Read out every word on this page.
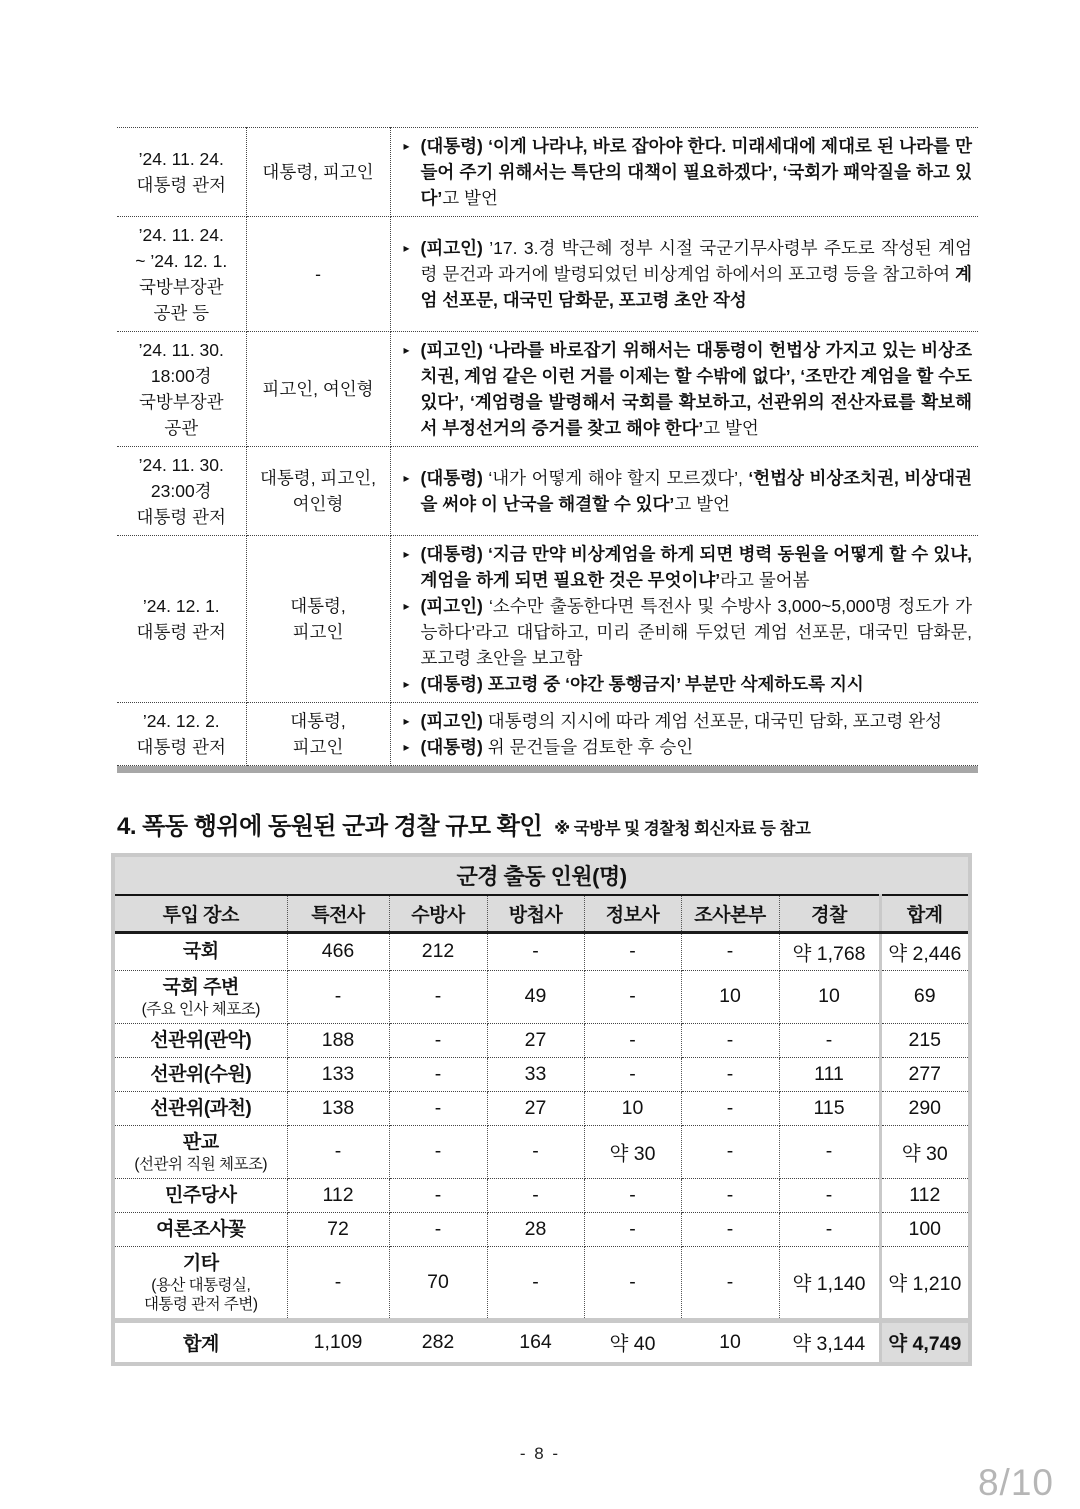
’24. 11. 24.
대통령 관저	대통령, 피고인	▸ (대통령) ‘이게 나라냐, 바로 잡아야 한다. 미래세대에 제대로 된 나라를 만들어 주기 위해서는 특단의 대책이 필요하겠다’, ‘국회가 패악질을 하고 있다’고 발언

’24. 11. 24.
~ ’24. 12. 1.
국방부장관
공관 등	-	▸ (피고인) ’17. 3.경 박근혜 정부 시절 국군기무사령부 주도로 작성된 계엄령 문건과 과거에 발령되었던 비상계엄 하에서의 포고령 등을 참고하여 계엄 선포문, 대국민 담화문, 포고령 초안 작성

’24. 11. 30.
18:00경
국방부장관
공관	피고인, 여인형	▸ (피고인) ‘나라를 바로잡기 위해서는 대통령이 헌법상 가지고 있는 비상조치권, 계엄 같은 이런 거를 이제는 할 수밖에 없다’, ‘조만간 계엄을 할 수도 있다’, ‘계엄령을 발령해서 국회를 확보하고, 선관위의 전산자료를 확보해서 부정선거의 증거를 찾고 해야 한다’고 발언

’24. 11. 30.
23:00경
대통령 관저	대통령, 피고인,
여인형	▸ (대통령) ‘내가 어떻게 해야 할지 모르겠다’, ‘헌법상 비상조치권, 비상대권을 써야 이 난국을 해결할 수 있다’고 발언

’24. 12. 1.
대통령 관저	대통령,
피고인	
▸ (대통령) ‘지금 만약 비상계엄을 하게 되면 병력 동원을 어떻게 할 수 있냐, 계엄을 하게 되면 필요한 것은 무엇이냐’라고 물어봄
▸ (피고인) ‘소수만 출동한다면 특전사 및 수방사 3,000~5,000명 정도가 가능하다’라고 대답하고, 미리 준비해 두었던 계엄 선포문, 대국민 담화문, 포고령 초안을 보고함
▸ (대통령) 포고령 중 ‘야간 통행금지’ 부분만 삭제하도록 지시

’24. 12. 2.
대통령 관저	대통령,
피고인	
▸ (피고인) 대통령의 지시에 따라 계엄 선포문, 대국민 담화, 포고령 완성
▸ (대통령) 위 문건들을 검토한 후 승인
4. 폭동 행위에 동원된 군과 경찰 규모 확인 ※ 국방부 및 경찰청 회신자료 등 참고
군경 출동 인원(명)							
투입 장소	특전사	수방사	방첩사	정보사	조사본부	경찰	합계

국회	466	212	-	-	-	약 1,768	약 2,446

국회 주변
(주요 인사 체포조)	-	-	49	-	10	10	69

선관위(관악)	188	-	27	-	-	-	215

선관위(수원)	133	-	33	-	-	111	277

선관위(과천)	138	-	27	10	-	115	290

판교
(선관위 직원 체포조)	-	-	-	약 30	-	-	약 30

민주당사	112	-	-	-	-	-	112

여론조사꽃	72	-	28	-	-	-	100

기타
(용산 대통령실,
대통령 관저 주변)	-	70	-	-	-	약 1,140	약 1,210
합계	1,109	282	164	약 40	10	약 3,144	약 4,749
- 8 -
8/10
